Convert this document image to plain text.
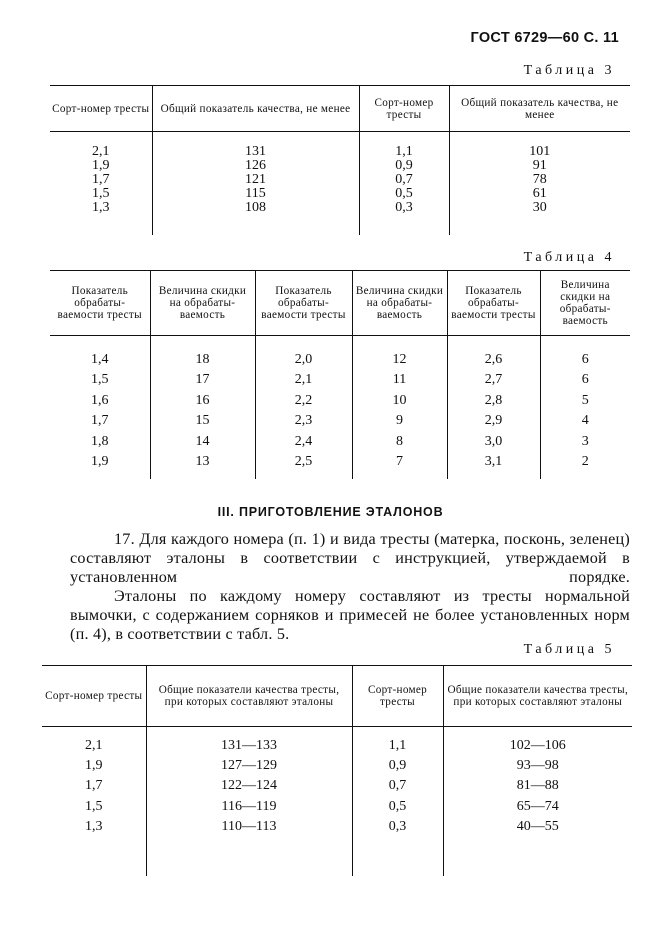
ГОСТ 6729—60 С. 11
Таблица 3
Сорт-номер тресты	Общий показатель качества, не менее	Сорт-номер тресты	Общий показатель качества, не менее

2,1	131	1,1	101
1,9	126	0,9	91
1,7	121	0,7	78
1,5	115	0,5	61
1,3	108	0,3	30

Таблица 4
Показатель обрабаты- ваемости тресты	Величина скидки на обрабаты- ваемость	Показатель обрабаты- ваемости тресты	Величина скидки на обрабаты- ваемость	Показатель обрабаты- ваемости тресты	Величина скидки на обрабаты- ваемость

1,4	18	2,0	12	2,6	6
1,5	17	2,1	11	2,7	6
1,6	16	2,2	10	2,8	5
1,7	15	2,3	9	2,9	4
1,8	14	2,4	8	3,0	3
1,9	13	2,5	7	3,1	2

III. ПРИГОТОВЛЕНИЕ ЭТАЛОНОВ
17. Для каждого номера (п. 1) и вида тресты (матерка, посконь, зеленец) составляют эталоны в соответствии с инструкцией, утверждаемой в установленном порядке.
Эталоны по каждому номеру составляют из тресты нормальной вымочки, с содержанием сорняков и примесей не более установленных норм (п. 4), в соответствии с табл. 5.
Таблица 5
Сорт-номер тресты	Общие показатели качества тресты, при которых составляют эталоны	Сорт-номер тресты	Общие показатели качества тресты, при которых составляют эталоны

2,1	131—133	1,1	102—106
1,9	127—129	0,9	93—98
1,7	122—124	0,7	81—88
1,5	116—119	0,5	65—74
1,3	110—113	0,3	40—55
